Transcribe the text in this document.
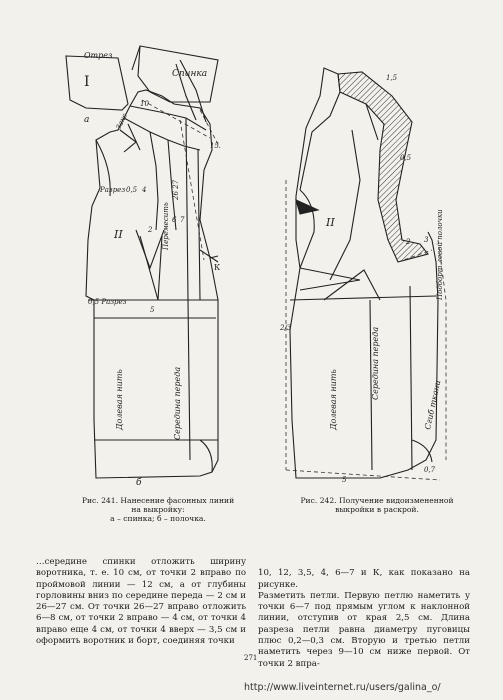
Отрез
Спинка
I
а
II
б
Разрез
0,5 Разрез
К
15
0,5
10
4
5
2
6 7
Закс
Долевая нить	Середина переда
Перемесить
26 27
II
0,5
1,5
3
2
0,7
2/3
5
Долевая нить	Середина переда
Сгиб ткани
Подборт левой полочки
Рис. 241. Нанесение фасонных линий
на выкройку:
а – спинка; б – полочка.
Рис. 242. Получение видоизмененной
выкройки в раскрой.

…середине спинки отложить ширину воротника, т. е. 10 см, от точки 2 вправо по проймовой линии — 12 см, а от глубины горловины вниз по середине переда — 2 см и 26—27 см. От точки 26—27 вправо отложить 6—8 см, от точки 2 вправо — 4 см, от точки 4 вправо еще 4 см, от точки 4 вверх — 3,5 см и оформить воротник и борт, соединяя точки

10, 12, 3,5, 4, 6—7 и К, как показано на рисунке.
Разметить петли. Первую петлю наметить у точки 6—7 под прямым углом к наклонной линии, отступив от края 2,5 см. Длина разреза петли равна диаметру пуговицы плюс 0,2—0,3 см. Вторую и третью петли наметить через 9—10 см ниже первой. От точки 2 впра-

271
http://www.liveinternet.ru/users/galina_o/
